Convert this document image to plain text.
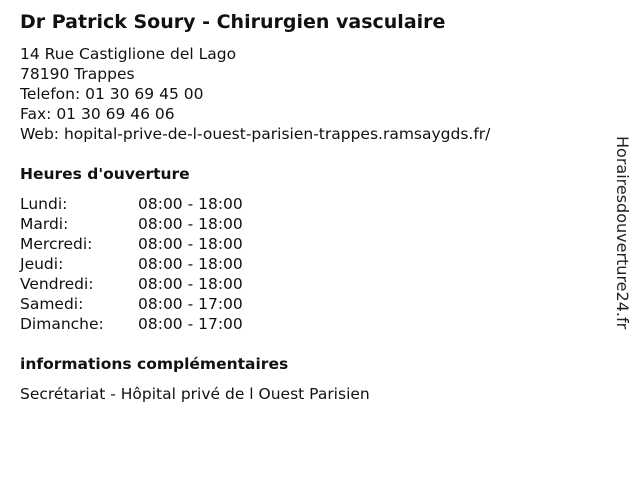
Dr Patrick Soury - Chirurgien vasculaire
14 Rue Castiglione del Lago
78190 Trappes
Telefon: 01 30 69 45 00
Fax: 01 30 69 46 06
Web: hopital-prive-de-l-ouest-parisien-trappes.ramsaygds.fr/
Heures d'ouverture
Lundi:	08:00 - 18:00
Mardi:	08:00 - 18:00
Mercredi:	08:00 - 18:00
Jeudi:	08:00 - 18:00
Vendredi:	08:00 - 18:00
Samedi:	08:00 - 17:00
Dimanche:	08:00 - 17:00
informations complémentaires
Secrétariat - Hôpital privé de l Ouest Parisien
Horairesdouverture24.fr
